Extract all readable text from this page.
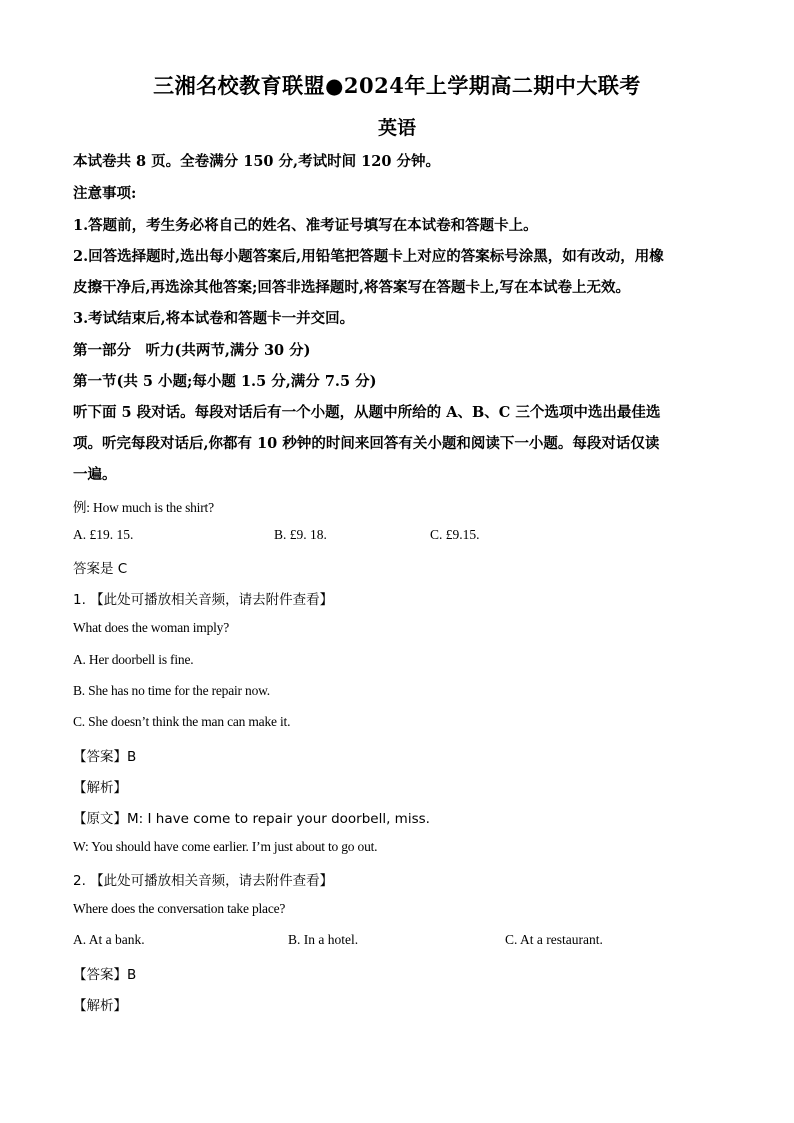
三湘名校教育联盟●2024年上学期高二期中大联考
英语
本试卷共 8 页。全卷满分 150 分,考试时间 120 分钟。
注意事项:
1.答题前，考生务必将自己的姓名、准考证号填写在本试卷和答题卡上。
2.回答选择题时,选出每小题答案后,用铅笔把答题卡上对应的答案标号涂黑，如有改动，用橡
皮擦干净后,再选涂其他答案;回答非选择题时,将答案写在答题卡上,写在本试卷上无效。
3.考试结束后,将本试卷和答题卡一并交回。
第一部分　听力(共两节,满分 30 分)
第一节(共 5 小题;每小题 1.5 分,满分 7.5 分)
听下面 5 段对话。每段对话后有一个小题，从题中所给的 A、B、C 三个选项中选出最佳选
项。听完每段对话后,你都有 10 秒钟的时间来回答有关小题和阅读下一小题。每段对话仅读
一遍。
例: How much is the shirt?
A. £19. 15.	B. £9. 18.	C. £9.15.
答案是 C
1. 【此处可播放相关音频，请去附件查看】
What does the woman imply?
A. Her doorbell is fine.
B. She has no time for the repair now.
C. She doesn’t think the man can make it.
【答案】B
【解析】
【原文】M: I have come to repair your doorbell, miss.
W: You should have come earlier. I’m just about to go out.
2. 【此处可播放相关音频，请去附件查看】
Where does the conversation take place?
A. At a bank.	B. In a hotel.	C. At a restaurant.
【答案】B
【解析】
